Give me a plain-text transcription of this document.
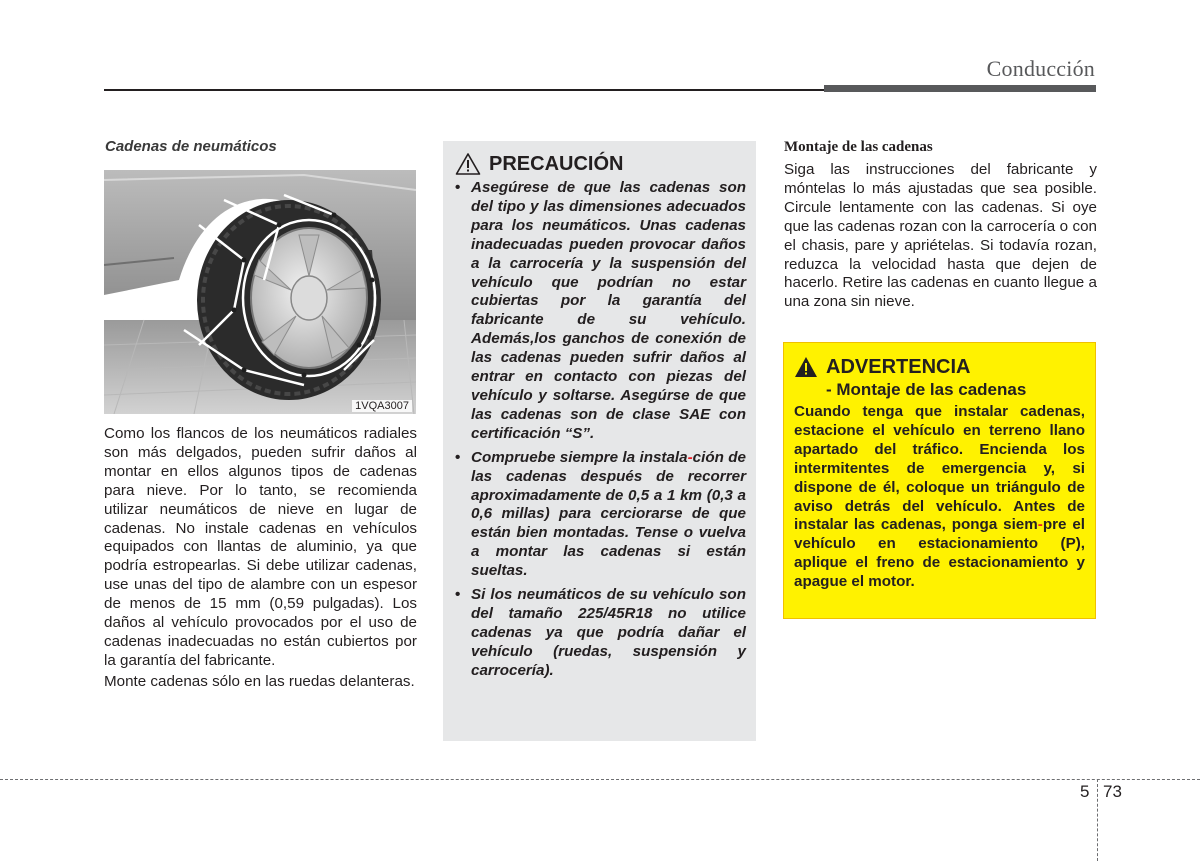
Conducción
Cadenas de neumáticos
1VQA3007

Como los flancos de los neumáticos radiales son más delgados, pueden sufrir daños al montar en ellos algunos tipos de cadenas para nieve. Por lo tanto, se recomienda utilizar neumáticos de nieve en lugar de cadenas. No instale cadenas en vehículos equipados con llantas de aluminio, ya que podría estropearlas. Si debe utilizar cadenas, use unas del tipo de alambre con un espesor de menos de 15 mm (0,59 pulgadas). Los daños al vehículo provocados por el uso de cadenas inadecuadas no están cubiertos por la garantía del fabricante.

Monte cadenas sólo en las ruedas delanteras.

PRECAUCIÓN
• Asegúrese de que las cadenas son del tipo y las dimensiones adecuados para los neumáticos. Unas cadenas inadecuadas pueden provocar daños a la carrocería y la suspensión del vehículo que podrían no estar cubiertas por la garantía del fabricante de su vehículo. Además,los ganchos de conexión de las cadenas pueden sufrir daños al entrar en contacto con piezas del vehículo y soltarse. Asegúrse de que las cadenas son de clase SAE con certificación “S”.
• Compruebe siempre la instala-ción de las cadenas después de recorrer aproximadamente de 0,5 a 1 km (0,3 a 0,6 millas) para cerciorarse de que están bien montadas. Tense o vuelva a montar las cadenas si están sueltas.
• Si los neumáticos de su vehículo son del tamaño 225/45R18 no utilice cadenas ya que podría dañar el vehículo (ruedas, suspensión y carrocería).
Montaje de las cadenas

Siga las instrucciones del fabricante y móntelas lo más ajustadas que sea posible. Circule lentamente con las cadenas. Si oye que las cadenas rozan con la carrocería o con el chasis, pare y apriételas. Si todavía rozan, reduzca la velocidad hasta que dejen de hacerlo. Retire las cadenas en cuanto llegue a una zona sin nieve.

ADVERTENCIA
- Montaje de las cadenas

Cuando tenga que instalar cadenas, estacione el vehículo en terreno llano apartado del tráfico. Encienda los intermitentes de emergencia y, si dispone de él, coloque un triángulo de aviso detrás del vehículo. Antes de instalar las cadenas, ponga siem-pre el vehículo en estacionamiento (P), aplique el freno de estacionamiento y apague el motor.

5 73
